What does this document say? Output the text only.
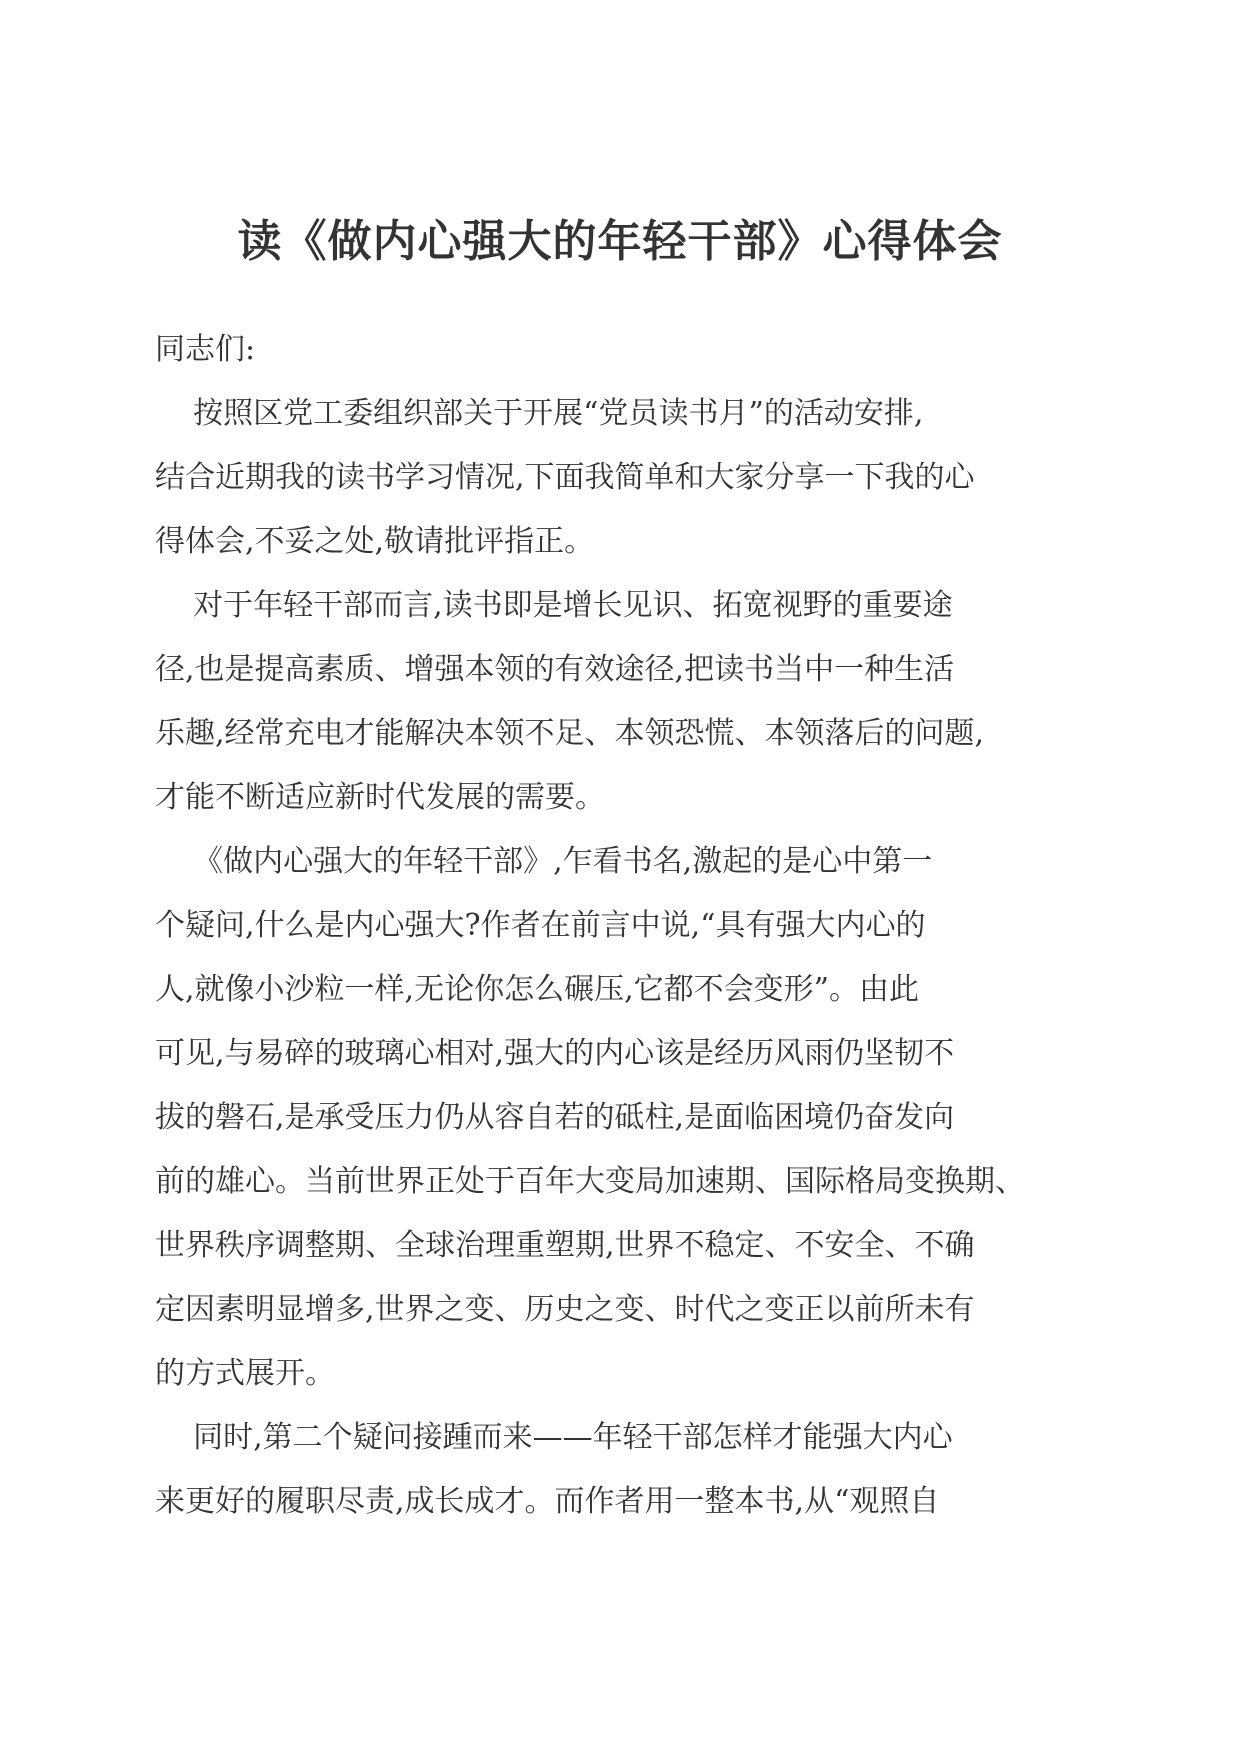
读《做内心强大的年轻干部》心得体会

同志们:

按照区党工委组织部关于开展“党员读书月”的活动安排,

结合近期我的读书学习情况,下面我简单和大家分享一下我的心

得体会,不妥之处,敬请批评指正。

对于年轻干部而言,读书即是增长见识、拓宽视野的重要途

径,也是提高素质、增强本领的有效途径,把读书当中一种生活

乐趣,经常充电才能解决本领不足、本领恐慌、本领落后的问题,

才能不断适应新时代发展的需要。

《做内心强大的年轻干部》,乍看书名,激起的是心中第一

个疑问,什么是内心强大?作者在前言中说,“具有强大内心的

人,就像小沙粒一样,无论你怎么碾压,它都不会变形”。由此

可见,与易碎的玻璃心相对,强大的内心该是经历风雨仍坚韧不

拔的磐石,是承受压力仍从容自若的砥柱,是面临困境仍奋发向

前的雄心。当前世界正处于百年大变局加速期、国际格局变换期、

世界秩序调整期、全球治理重塑期,世界不稳定、不安全、不确

定因素明显增多,世界之变、历史之变、时代之变正以前所未有

的方式展开。

同时,第二个疑问接踵而来——年轻干部怎样才能强大内心

来更好的履职尽责,成长成才。而作者用一整本书,从“观照自
